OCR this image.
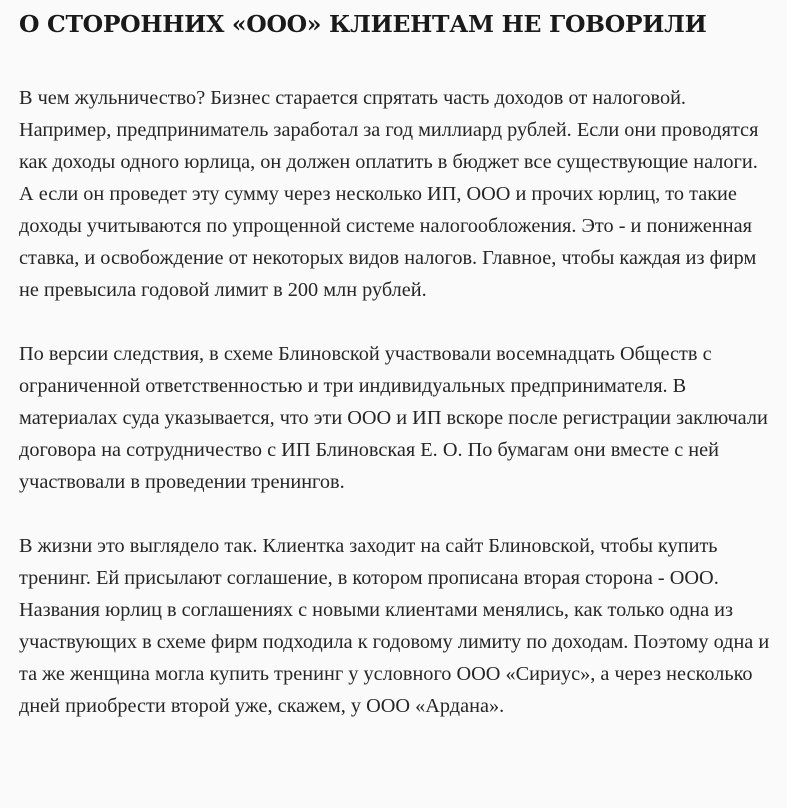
О СТОРОННИХ «ООО» КЛИЕНТАМ НЕ ГОВОРИЛИ

В чем жульничество? Бизнес старается спрятать часть доходов от налоговой. Например, предприниматель заработал за год миллиард рублей. Если они проводятся как доходы одного юрлица, он должен оплатить в бюджет все существующие налоги. А если он проведет эту сумму через несколько ИП, ООО и прочих юрлиц, то такие доходы учитываются по упрощенной системе налогообложения. Это - и пониженная ставка, и освобождение от некоторых видов налогов. Главное, чтобы каждая из фирм не превысила годовой лимит в 200 млн рублей.

По версии следствия, в схеме Блиновской участвовали восемнадцать Обществ с ограниченной ответственностью и три индивидуальных предпринимателя. В материалах суда указывается, что эти ООО и ИП вскоре после регистрации заключали договора на сотрудничество с ИП Блиновская Е. О. По бумагам они вместе с ней участвовали в проведении тренингов.

В жизни это выглядело так. Клиентка заходит на сайт Блиновской, чтобы купить тренинг. Ей присылают соглашение, в котором прописана вторая сторона - ООО. Названия юрлиц в соглашениях с новыми клиентами менялись, как только одна из участвующих в схеме фирм подходила к годовому лимиту по доходам. Поэтому одна и та же женщина могла купить тренинг у условного ООО «Сириус», а через несколько дней приобрести второй уже, скажем, у ООО «Ардана».
